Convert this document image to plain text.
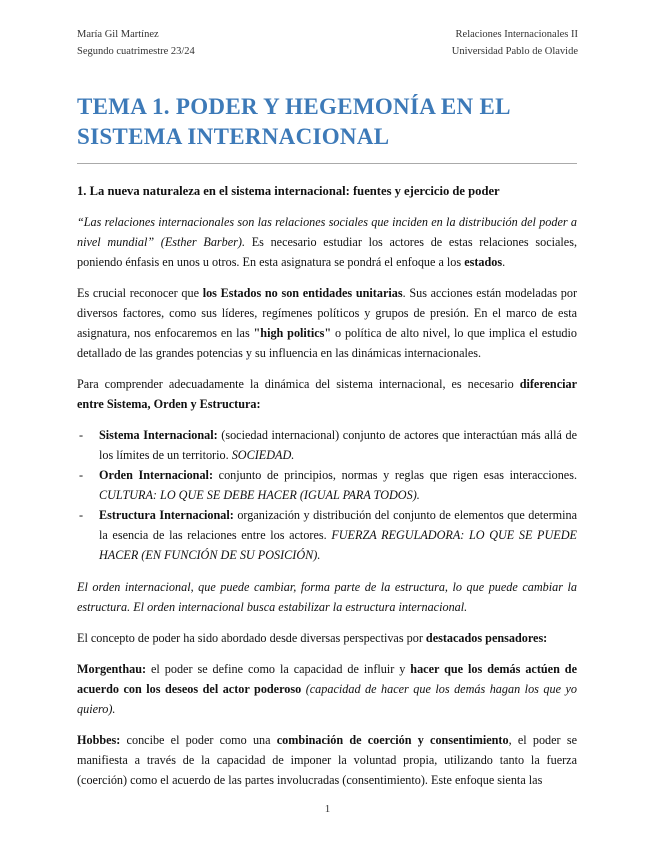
María Gil Martínez
Segundo cuatrimestre 23/24
Relaciones Internacionales II
Universidad Pablo de Olavide
TEMA 1. PODER Y HEGEMONÍA EN EL SISTEMA INTERNACIONAL

1. La nueva naturaleza en el sistema internacional: fuentes y ejercicio de poder

“Las relaciones internacionales son las relaciones sociales que inciden en la distribución del poder a nivel mundial” (Esther Barber). Es necesario estudiar los actores de estas relaciones sociales, poniendo énfasis en unos u otros. En esta asignatura se pondrá el enfoque a los estados.

Es crucial reconocer que los Estados no son entidades unitarias. Sus acciones están modeladas por diversos factores, como sus líderes, regímenes políticos y grupos de presión. En el marco de esta asignatura, nos enfocaremos en las "high politics" o política de alto nivel, lo que implica el estudio detallado de las grandes potencias y su influencia en las dinámicas internacionales.

Para comprender adecuadamente la dinámica del sistema internacional, es necesario diferenciar entre Sistema, Orden y Estructura:

- Sistema Internacional: (sociedad internacional) conjunto de actores que interactúan más allá de los límites de un territorio. SOCIEDAD.
- Orden Internacional: conjunto de principios, normas y reglas que rigen esas interacciones. CULTURA: LO QUE SE DEBE HACER (IGUAL PARA TODOS).
- Estructura Internacional: organización y distribución del conjunto de elementos que determina la esencia de las relaciones entre los actores. FUERZA REGULADORA: LO QUE SE PUEDE HACER (EN FUNCIÓN DE SU POSICIÓN).

El orden internacional, que puede cambiar, forma parte de la estructura, lo que puede cambiar la estructura. El orden internacional busca estabilizar la estructura internacional.

El concepto de poder ha sido abordado desde diversas perspectivas por destacados pensadores:

Morgenthau: el poder se define como la capacidad de influir y hacer que los demás actúen de acuerdo con los deseos del actor poderoso (capacidad de hacer que los demás hagan los que yo quiero).

Hobbes: concibe el poder como una combinación de coerción y consentimiento, el poder se manifiesta a través de la capacidad de imponer la voluntad propia, utilizando tanto la fuerza (coerción) como el acuerdo de las partes involucradas (consentimiento). Este enfoque sienta las

1
